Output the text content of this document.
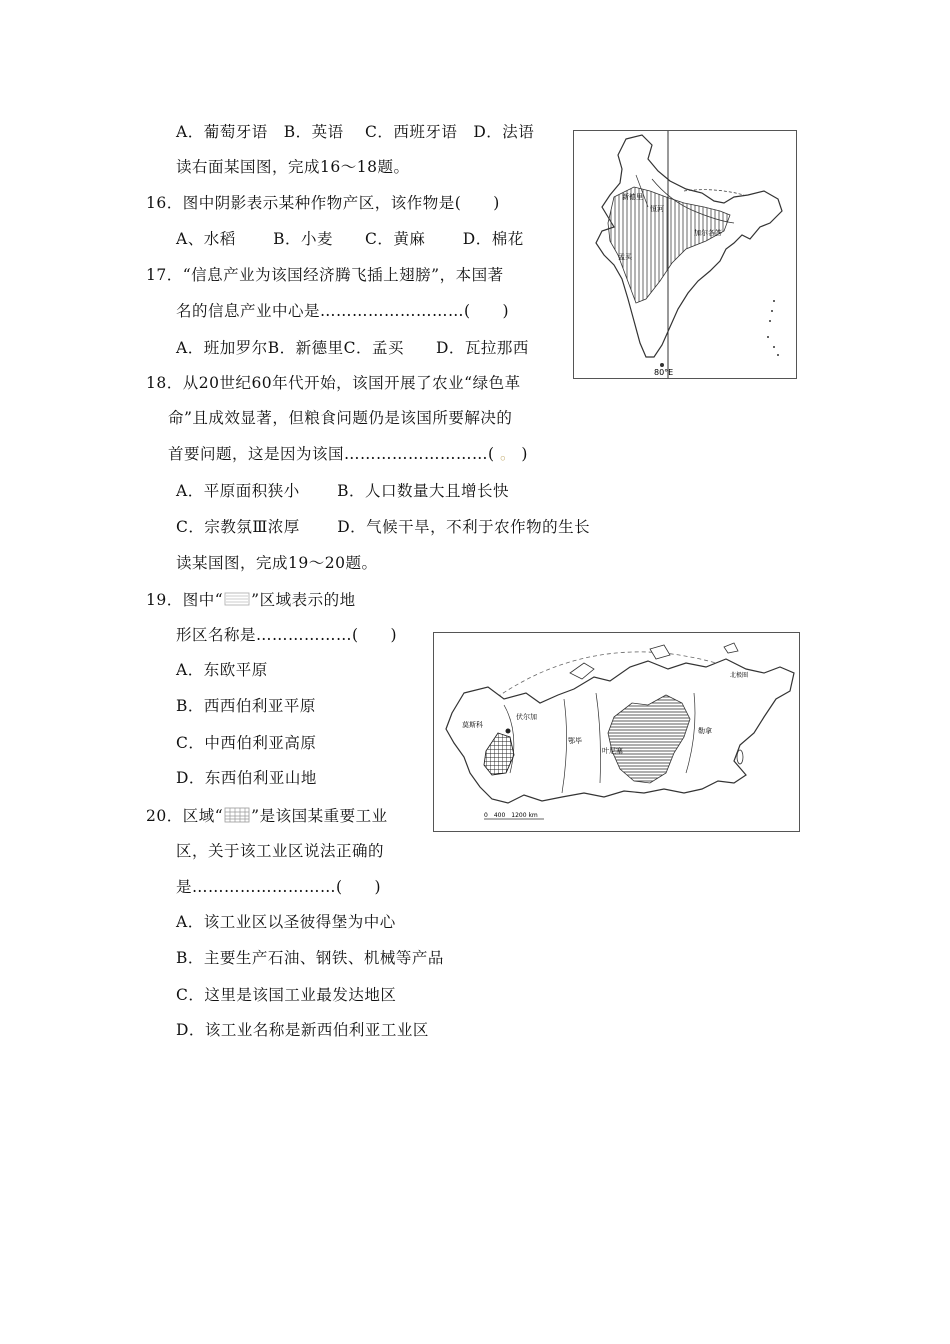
A．葡萄牙语　B．英语　 C．西班牙语　D．法语
读右面某国图，完成16～18题。
16．图中阴影表示某种作物产区，该作物是(　　)
A、水稻　　 B．小麦　　C．黄麻　　 D．棉花
17．“信息产业为该国经济腾飞插上翅膀”，本国著
名的信息产业中心是………………………(　　)
A．班加罗尔B．新德里C．孟买　　D．瓦拉那西
18．从20世纪60年代开始，该国开展了农业“绿色革
命”且成效显著，但粮食问题仍是该国所要解决的
首要问题，这是因为该国………………………( 。 )
A．平原面积狭小　　 B．人口数量大且增长快
C．宗教氛Ⅲ浓厚　　 D．气候干旱，不利于农作物的生长
读某国图，完成19～20题。
19．图中“ ”区域表示的地
形区名称是………………(　　)
A．东欧平原
B．西西伯利亚平原
C．中西伯利亚高原
D．东西伯利亚山地
20．区域“ ”是该国某重要工业
区，关于该工业区说法正确的
是………………………(　　)
A．该工业区以圣彼得堡为中心
B．主要生产石油、钢铁、机械等产品
C．这里是该国工业最发达地区
D．该工业名称是新西伯利亚工业区
新德里
恒河
加尔各答
孟买
80°E
莫斯科
伏尔加
勒拿
叶尼塞
鄂毕
北极圈
0　400　1200 km
